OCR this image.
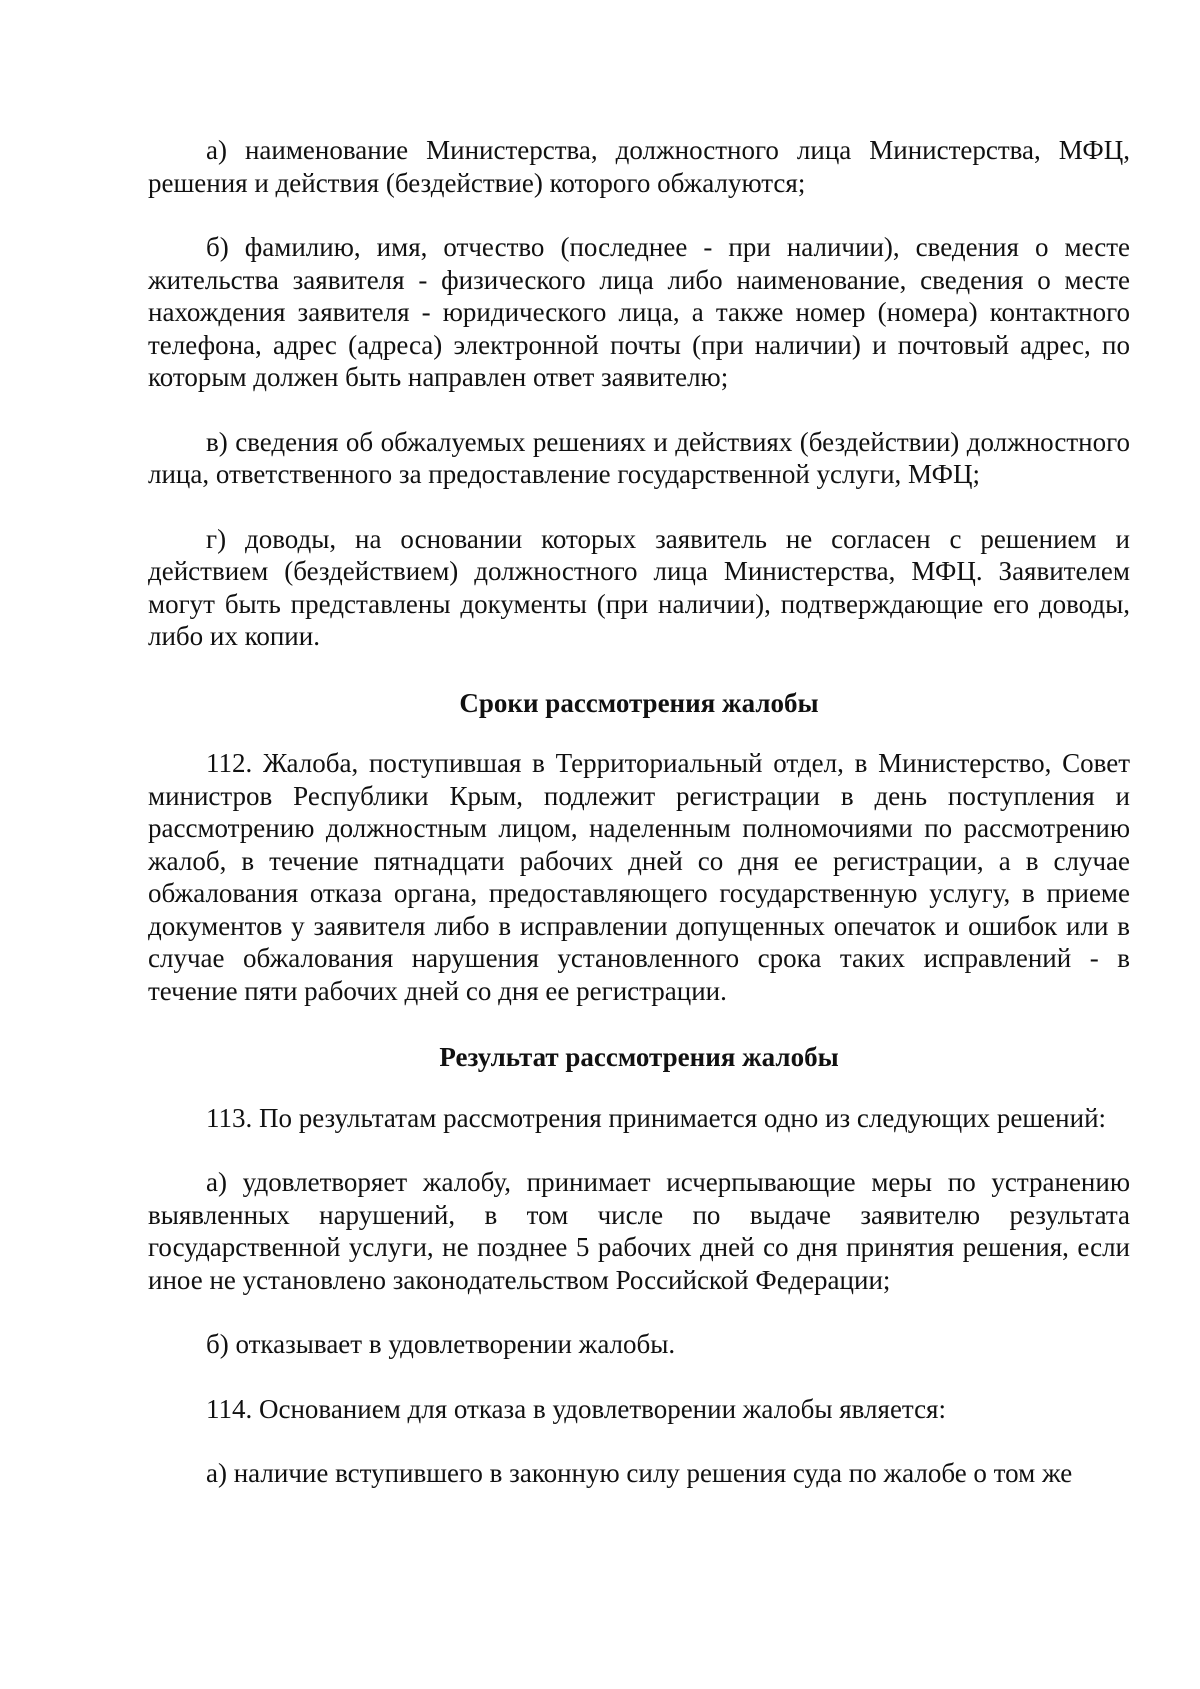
а) наименование Министерства, должностного лица Министерства, МФЦ, решения и действия (бездействие) которого обжалуются;

б) фамилию, имя, отчество (последнее - при наличии), сведения о месте жительства заявителя - физического лица либо наименование, сведения о месте нахождения заявителя - юридического лица, а также номер (номера) контактного телефона, адрес (адреса) электронной почты (при наличии) и почтовый адрес, по которым должен быть направлен ответ заявителю;

в) сведения об обжалуемых решениях и действиях (бездействии) должностного лица, ответственного за предоставление государственной услуги, МФЦ;

г) доводы, на основании которых заявитель не согласен с решением и действием (бездействием) должностного лица Министерства, МФЦ. Заявителем могут быть представлены документы (при наличии), подтверждающие его доводы, либо их копии.

Сроки рассмотрения жалобы

112. Жалоба, поступившая в Территориальный отдел, в Министерство, Совет министров Республики Крым, подлежит регистрации в день поступления и рассмотрению должностным лицом, наделенным полномочиями по рассмотрению жалоб, в течение пятнадцати рабочих дней со дня ее регистрации, а в случае обжалования отказа органа, предоставляющего государственную услугу, в приеме документов у заявителя либо в исправлении допущенных опечаток и ошибок или в случае обжалования нарушения установленного срока таких исправлений - в течение пяти рабочих дней со дня ее регистрации.

Результат рассмотрения жалобы

113. По результатам рассмотрения принимается одно из следующих решений:

а) удовлетворяет жалобу, принимает исчерпывающие меры по устранению выявленных нарушений, в том числе по выдаче заявителю результата государственной услуги, не позднее 5 рабочих дней со дня принятия решения, если иное не установлено законодательством Российской Федерации;

б) отказывает в удовлетворении жалобы.

114. Основанием для отказа в удовлетворении жалобы является:

а) наличие вступившего в законную силу решения суда по жалобе о том же
